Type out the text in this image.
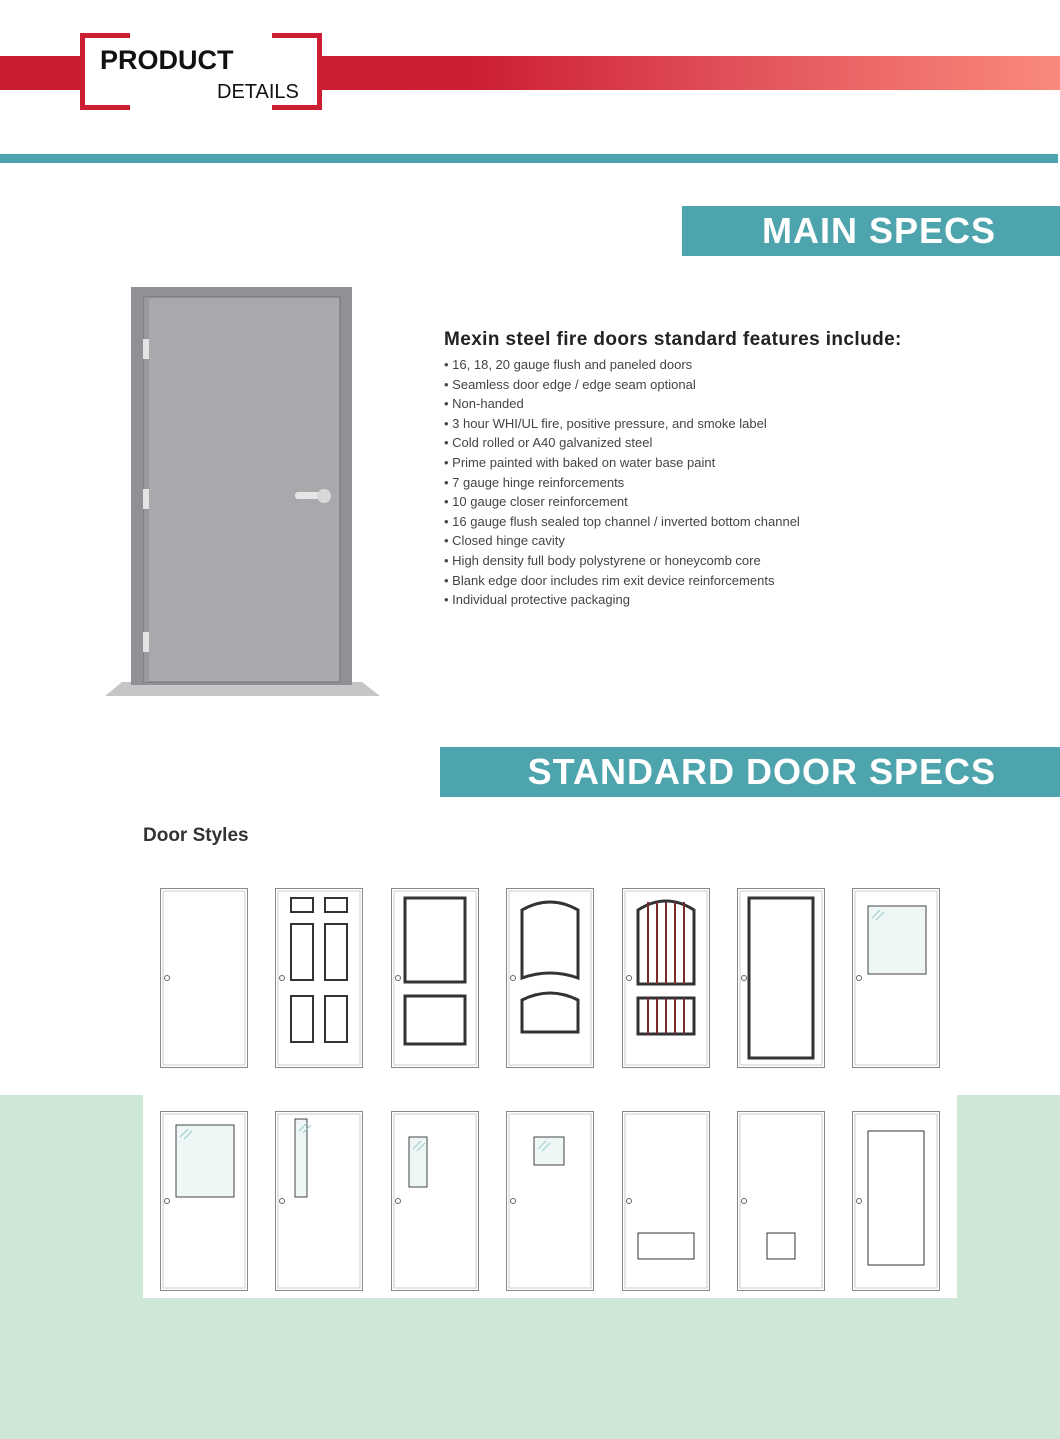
PRODUCT
DETAILS
MAIN SPECS
Mexin steel fire doors standard features include:
• 16, 18, 20 gauge flush and paneled doors
• Seamless door edge / edge seam optional
• Non-handed
• 3 hour WHI/UL fire, positive pressure, and smoke label
• Cold rolled or A40 galvanized steel
• Prime painted with baked on water base paint
• 7 gauge hinge reinforcements
• 10 gauge closer reinforcement
• 16 gauge flush sealed top channel / inverted bottom channel
• Closed hinge cavity
• High density full body polystyrene or honeycomb core
• Blank edge door includes rim exit device reinforcements
• Individual protective packaging
STANDARD DOOR SPECS
Door Styles
